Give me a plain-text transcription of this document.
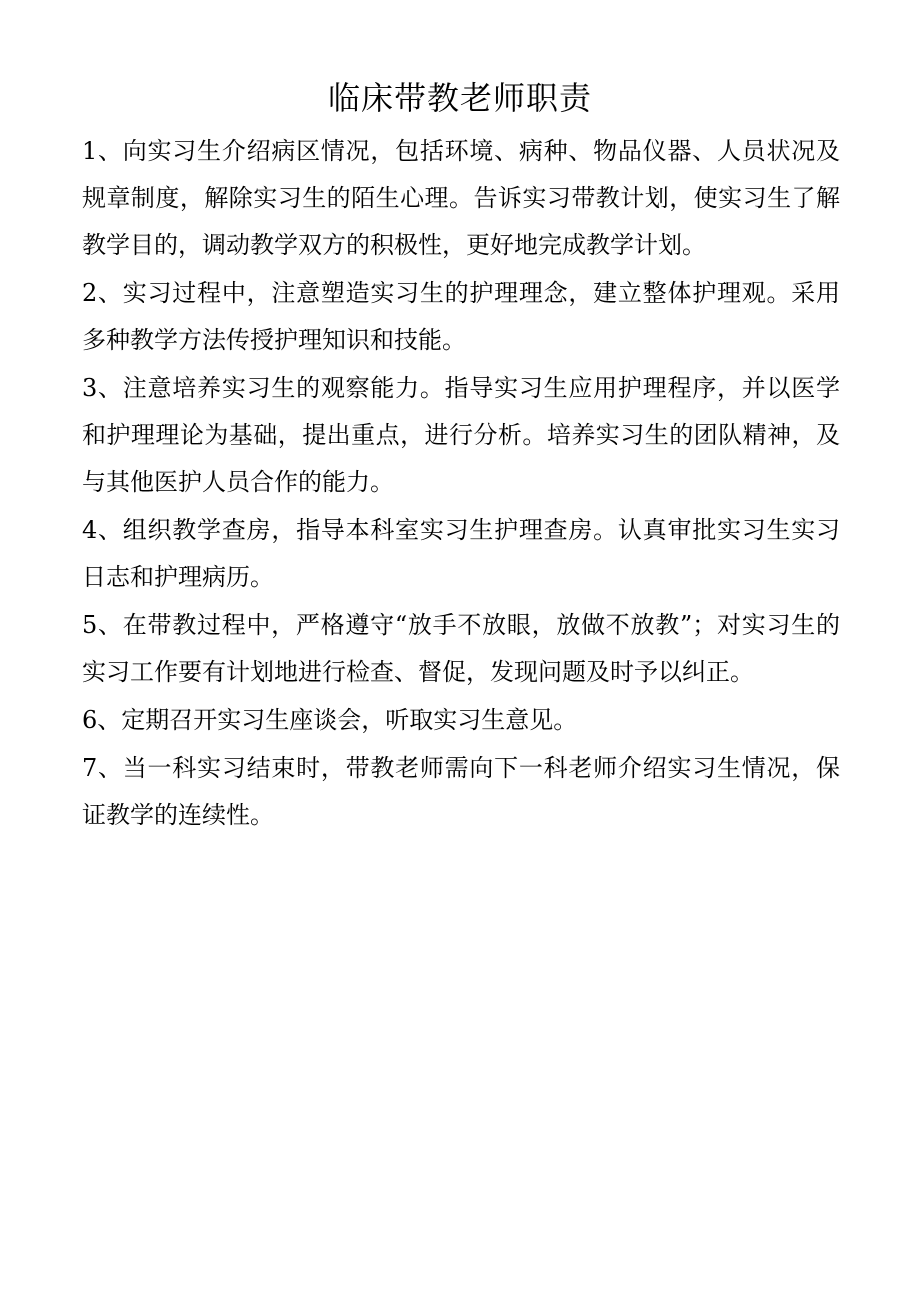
临床带教老师职责
1、向实习生介绍病区情况，包括环境、病种、物品仪器、人员状况及规章制度，解除实习生的陌生心理。告诉实习带教计划，使实习生了解教学目的，调动教学双方的积极性，更好地完成教学计划。
2、实习过程中，注意塑造实习生的护理理念，建立整体护理观。采用多种教学方法传授护理知识和技能。
3、注意培养实习生的观察能力。指导实习生应用护理程序，并以医学和护理理论为基础，提出重点，进行分析。培养实习生的团队精神，及与其他医护人员合作的能力。
4、组织教学查房，指导本科室实习生护理查房。认真审批实习生实习日志和护理病历。
5、在带教过程中，严格遵守“放手不放眼，放做不放教”；对实习生的实习工作要有计划地进行检查、督促，发现问题及时予以纠正。
6、定期召开实习生座谈会，听取实习生意见。
7、当一科实习结束时，带教老师需向下一科老师介绍实习生情况，保证教学的连续性。
